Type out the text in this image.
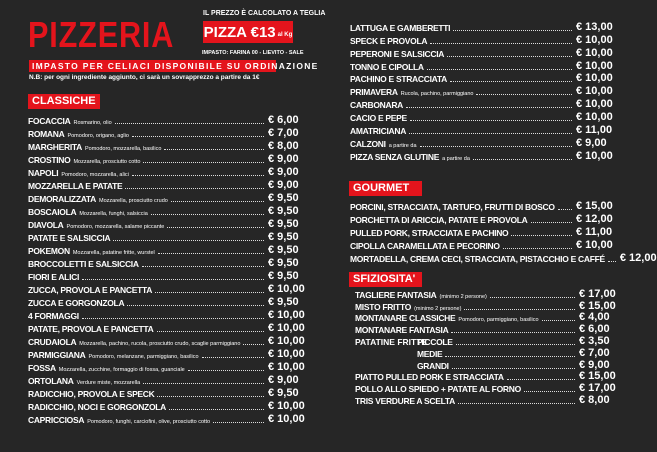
PIZZERIA
IL PREZZO È CALCOLATO A TEGLIA
PIZZA €13 al Kg
IMPASTO: FARINA 00 - LIEVITO - SALE
IMPASTO PER CELIACI DISPONIBILE SU ORDINAZIONE
N.B: per ogni ingrediente aggiunto, ci sarà un sovrapprezzo a partire da 1€
CLASSICHE
FOCACCIA Rosmarino, olio	€ 6,00
ROMANA Pomodoro, origano, aglio	€ 7,00
MARGHERITA Pomodoro, mozzarella, basilico	€ 8,00
CROSTINO Mozzarella, prosciutto cotto	€ 9,00
NAPOLI Pomodoro, mozzarella, alici	€ 9,00
MOZZARELLA E PATATE	€ 9,00
DEMORALIZZATA Mozzarella, prosciutto crudo	€ 9,50
BOSCAIOLA Mozzarella, funghi, salsiccia	€ 9,50
DIAVOLA Pomodoro, mozzarella, salame piccante	€ 9,50
PATATE E SALSICCIA	€ 9,50
POKEMON Mozzarella, patatine fritte, wurstel	€ 9,50
BROCCOLETTI E SALSICCIA	€ 9,50
FIORI E ALICI	€ 9,50
ZUCCA, PROVOLA E PANCETTA	€ 10,00
ZUCCA E GORGONZOLA	€ 9,50
4 FORMAGGI	€ 10,00
PATATE, PROVOLA E PANCETTA	€ 10,00
CRUDAIOLA Mozzarella, pachino, rucola, prosciutto crudo, scaglie parmiggiano	€ 10,00
PARMIGGIANA Pomodoro, melanzane, parmiggiano, basilico	€ 10,00
FOSSA Mozzarella, zucchine, formaggio di fossa, guanciale	€ 10,00
ORTOLANA Verdure miste, mozzarella	€ 9,00
RADICCHIO, PROVOLA E SPECK	€ 9,50
RADICCHIO, NOCI E GORGONZOLA	€ 10,00
CAPRICCIOSA Pomodoro, funghi, carciofini, olive, prosciutto cotto	€ 10,00
LATTUGA E GAMBERETTI	€ 13,00
SPECK E PROVOLA	€ 10,00
PEPERONI E SALSICCIA	€ 10,00
TONNO E CIPOLLA	€ 10,00
PACHINO E STRACCIATA	€ 10,00
PRIMAVERA Rucola, pachino, parmiggiano	€ 10,00
CARBONARA	€ 10,00
CACIO E PEPE	€ 10,00
AMATRICIANA	€ 11,00
CALZONI a partire da	€ 9,00
PIZZA SENZA GLUTINE a partire da	€ 10,00
GOURMET
PORCINI, STRACCIATA, TARTUFO, FRUTTI DI BOSCO € 15,00
PORCHETTA DI ARICCIA, PATATE E PROVOLA	€ 12,00
PULLED PORK, STRACCIATA E PACHINO	€ 11,00
CIPOLLA CARAMELLATA E PECORINO	€ 10,00
MORTADELLA, CREMA CECI, STRACCIATA, PISTACCHIO E CAFFÉ € 12,00
SFIZIOSITA'
TAGLIERE FANTASIA (minimo 2 persone)	€ 17,00
MISTO FRITTO (minimo 2 persone)	€ 15,00
MONTANARE CLASSICHE Pomodoro, parmiggiano, basilico	€ 4,00
MONTANARE FANTASIA	€ 6,00
PATATINE FRITTE
PICCOLE	€ 3,50
MEDIE	€ 7,00
GRANDI	€ 9,00
PIATTO PULLED PORK E STRACCIATA	€ 15,00
POLLO ALLO SPIEDO + PATATE AL FORNO	€ 17,00
TRIS VERDURE A SCELTA	€ 8,00
